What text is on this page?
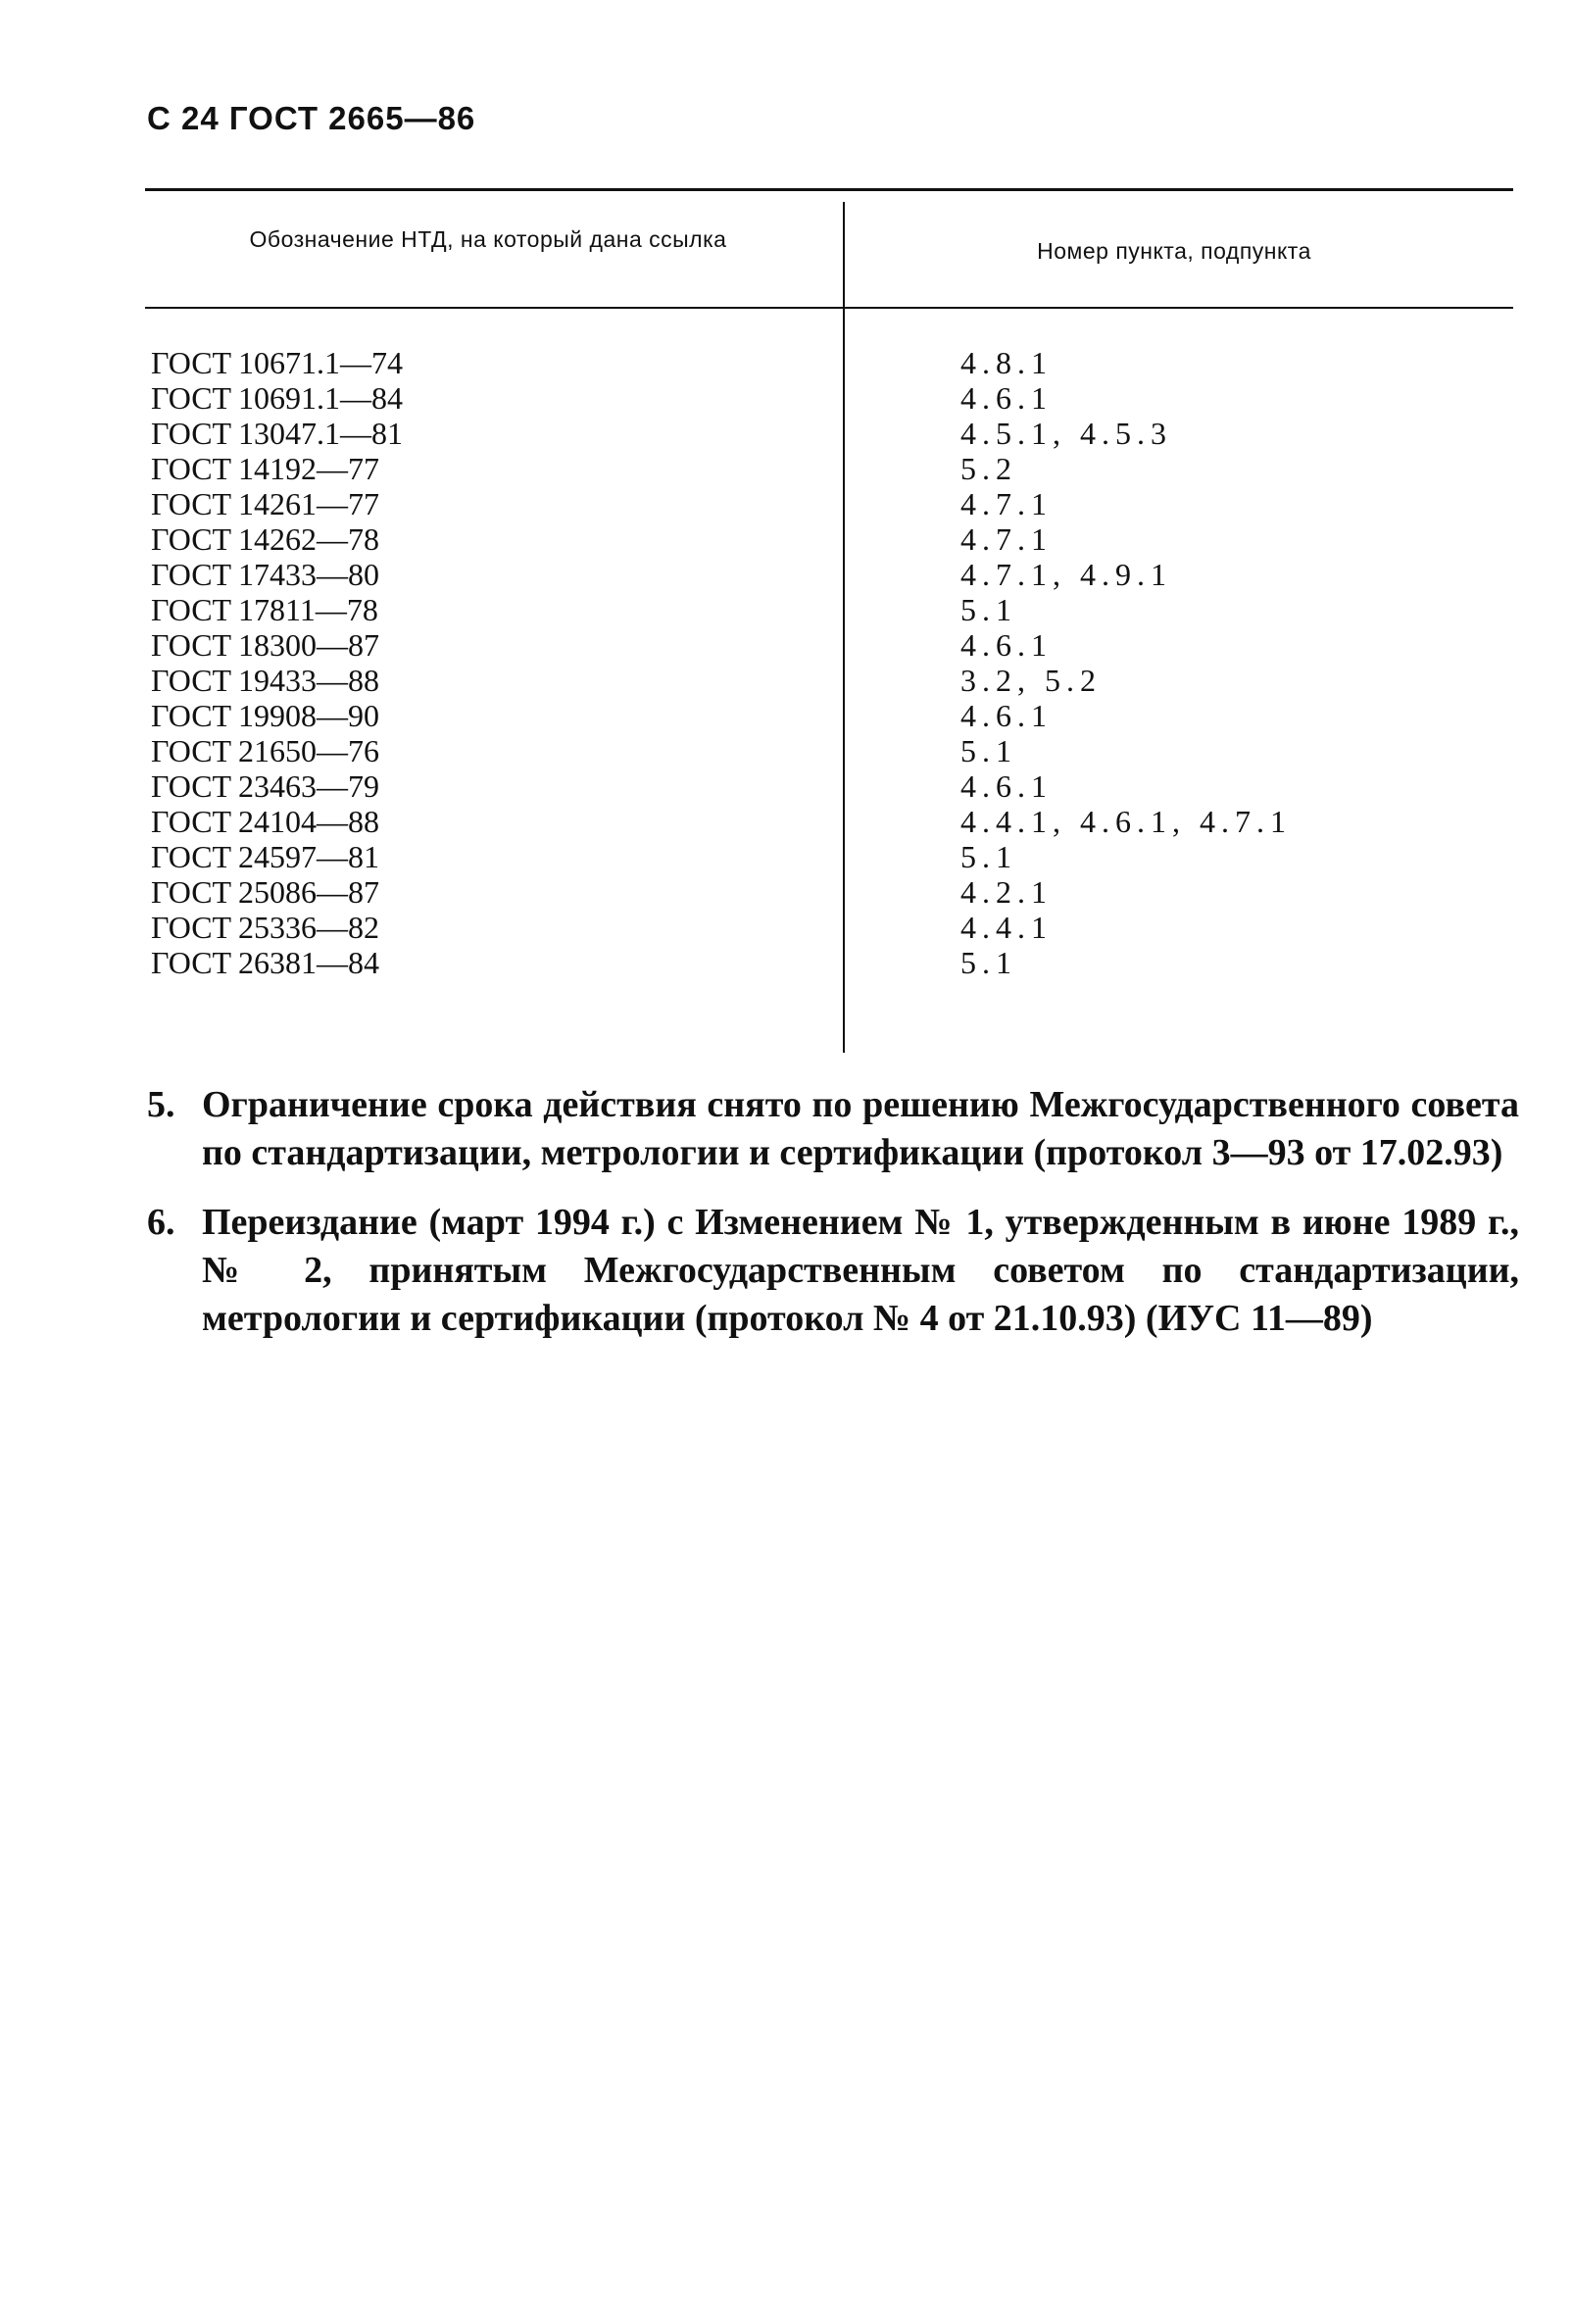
С 24 ГОСТ 2665—86
Обозначение НТД, на который дана ссылка	Номер пункта, подпункта
ГОСТ 10671.1—74	4.8.1
ГОСТ 10691.1—84	4.6.1
ГОСТ 13047.1—81	4.5.1, 4.5.3
ГОСТ 14192—77	5.2
ГОСТ 14261—77	4.7.1
ГОСТ 14262—78	4.7.1
ГОСТ 17433—80	4.7.1, 4.9.1
ГОСТ 17811—78	5.1
ГОСТ 18300—87	4.6.1
ГОСТ 19433—88	3.2, 5.2
ГОСТ 19908—90	4.6.1
ГОСТ 21650—76	5.1
ГОСТ 23463—79	4.6.1
ГОСТ 24104—88	4.4.1, 4.6.1, 4.7.1
ГОСТ 24597—81	5.1
ГОСТ 25086—87	4.2.1
ГОСТ 25336—82	4.4.1
ГОСТ 26381—84	5.1
5. Ограничение срока действия снято по решению Межгосударственного совета по стандартизации, метрологии и сертификации (протокол 3—93 от 17.02.93)
6. Переиздание (март 1994 г.) с Изменением № 1, утвержденным в июне 1989 г., № 2, принятым Межгосударственным советом по стандартизации, метрологии и сертификации (протокол № 4 от 21.10.93) (ИУС 11—89)
